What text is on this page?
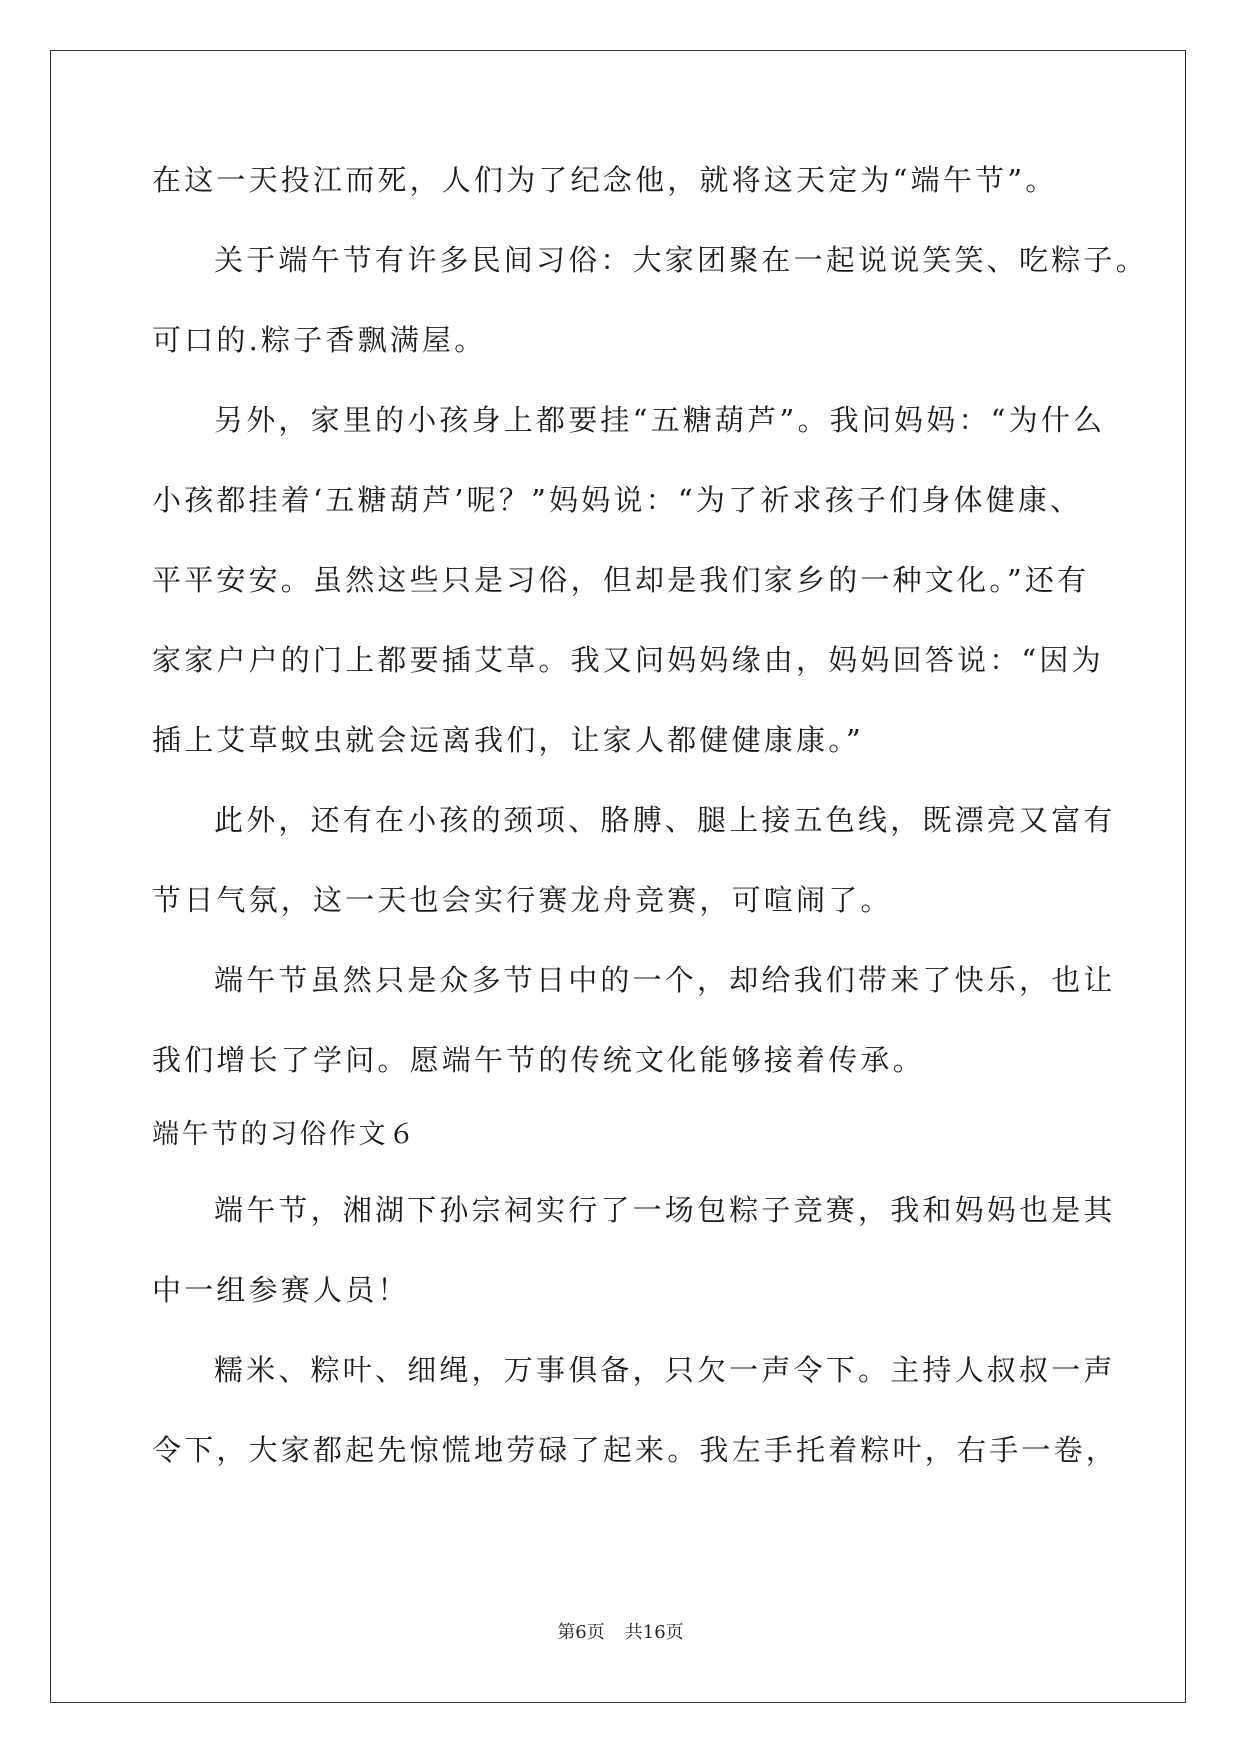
在这一天投江而死，人们为了纪念他，就将这天定为“端午节”。
关于端午节有许多民间习俗：大家团聚在一起说说笑笑、吃粽子。
可口的.粽子香飘满屋。
另外，家里的小孩身上都要挂“五糖葫芦”。我问妈妈：“为什么
小孩都挂着‘五糖葫芦’呢？”妈妈说：“为了祈求孩子们身体健康、
平平安安。虽然这些只是习俗，但却是我们家乡的一种文化。”还有
家家户户的门上都要插艾草。我又问妈妈缘由，妈妈回答说：“因为
插上艾草蚊虫就会远离我们，让家人都健健康康。”
此外，还有在小孩的颈项、胳膊、腿上接五色线，既漂亮又富有
节日气氛，这一天也会实行赛龙舟竞赛，可喧闹了。
端午节虽然只是众多节日中的一个，却给我们带来了快乐，也让
我们增长了学问。愿端午节的传统文化能够接着传承。
端午节的习俗作文６
端午节，湘湖下孙宗祠实行了一场包粽子竞赛，我和妈妈也是其
中一组参赛人员！
糯米、粽叶、细绳，万事俱备，只欠一声令下。主持人叔叔一声
令下，大家都起先惊慌地劳碌了起来。我左手托着粽叶，右手一卷，
第6页 共16页
